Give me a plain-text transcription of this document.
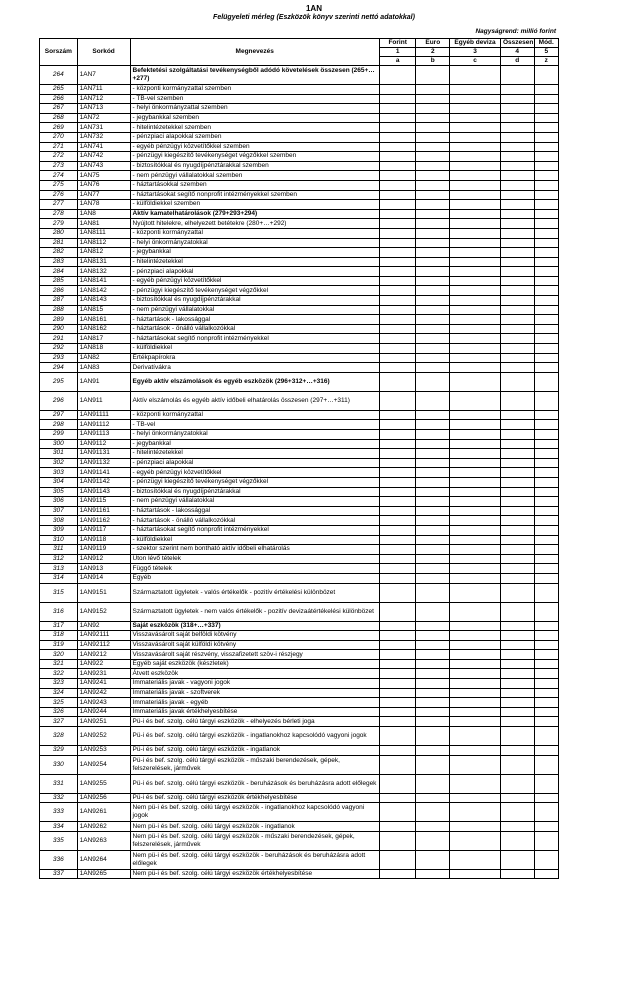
1AN
Felügyeleti mérleg (Eszközök könyv szerinti nettó adatokkal)
Nagyságrend: millió forint
Sorszám	Sorkód	Megnevezés	Forint	Euro	Egyéb deviza	Összesen	Mód.
			1	2	3	4	5
			a	b	c	d	z
264	1AN7	Befektetési szolgáltatási tevékenységből adódó követelések összesen (265+…+277)					
265	1AN711	- központi kormányzattal szemben					
266	1AN712	- TB-vel szemben					
267	1AN713	- helyi önkormányzattal szemben					
268	1AN72	- jegybankkal szemben					
269	1AN731	- hitelintézetekkel szemben					
270	1AN732	- pénzpiaci alapokkal szemben					
271	1AN741	- egyéb pénzügyi közvetítőkkel szemben					
272	1AN742	- pénzügyi kiegészítő tevékenységet végzőkkel szemben					
273	1AN743	- biztosítókkal és nyugdíjpénztárakkal szemben					
274	1AN75	- nem pénzügyi vállalatokkal szemben					
275	1AN76	- háztartásokkal szemben					
276	1AN77	- háztartásokat segítő nonprofit intézményekkel szemben					
277	1AN78	- külföldiekkel szemben					
278	1AN8	Aktív kamatelhatárolások (279+293+294)					
279	1AN81	Nyújtott hitelekre, elhelyezett betétekre (280+…+292)					
280	1AN8111	- központi kormányzattal					
281	1AN8112	- helyi önkormányzatokkal					
282	1AN812	- jegybankkal					
283	1AN8131	- hitelintézetekkel					
284	1AN8132	- pénzpiaci alapokkal					
285	1AN8141	- egyéb pénzügyi közvetítőkkel					
286	1AN8142	- pénzügyi kiegészítő tevékenységet végzőkkel					
287	1AN8143	- biztosítókkal és nyugdíjpénztárakkal					
288	1AN815	- nem pénzügyi vállalatokkal					
289	1AN8161	- háztartások - lakossággal					
290	1AN8162	- háztartások - önálló vállalkozókkal					
291	1AN817	- háztartásokat segítő nonprofit intézményekkel					
292	1AN818	- külföldiekkel					
293	1AN82	Értékpapírokra					
294	1AN83	Derivatívákra					
295	1AN91	Egyéb aktív elszámolások és egyéb eszközök (296+312+…+316)					
296	1AN911	Aktív elszámolás és egyéb aktív időbeli elhatárolás összesen (297+…+311)					
297	1AN91111	- központi kormányzattal					
298	1AN91112	- TB-vel					
299	1AN91113	- helyi önkormányzatokkal					
300	1AN9112	- jegybankkal					
301	1AN91131	- hitelintézetekkel					
302	1AN91132	- pénzpiaci alapokkal					
303	1AN91141	- egyéb pénzügyi közvetítőkkel					
304	1AN91142	- pénzügyi kiegészítő tevékenységet végzőkkel					
305	1AN91143	- biztosítókkal és nyugdíjpénztárakkal					
306	1AN9115	- nem pénzügyi vállalatokkal					
307	1AN91161	- háztartások - lakossággal					
308	1AN91162	- háztartások - önálló vállalkozókkal					
309	1AN9117	- háztartásokat segítő nonprofit intézményekkel					
310	1AN9118	- külföldiekkel					
311	1AN9119	- szektor szerint nem bontható aktív időbeli elhatárolás					
312	1AN912	Úton lévő tételek					
313	1AN913	Függő tételek					
314	1AN914	Egyéb					
315	1AN9151	Származtatott ügyletek - valós értékelők - pozitív értékelési különbözet					
316	1AN9152	Származtatott ügyletek - nem valós értékelők - pozitív devizaátértékelési különbözet					
317	1AN92	Saját eszközök (318+…+337)					
318	1AN92111	Visszavásárolt saját belföldi kötvény					
319	1AN92112	Visszavásárolt saját külföldi kötvény					
320	1AN9212	Visszavásárolt saját részvény, visszafizetett szöv-i részjegy					
321	1AN922	Egyéb saját eszközök (készletek)					
322	1AN9231	Átvett eszközök					
323	1AN9241	Immateriális javak - vagyoni jogok					
324	1AN9242	Immateriális javak - szoftverek					
325	1AN9243	Immateriális javak - egyéb					
326	1AN9244	Immateriális javak értékhelyesbítése					
327	1AN9251	Pü-i és bef. szolg. célú tárgyi eszközök - elhelyezés bérleti joga					
328	1AN9252	Pü-i és bef. szolg. célú tárgyi eszközök - ingatlanokhoz kapcsolódó vagyoni jogok					
329	1AN9253	Pü-i és bef. szolg. célú tárgyi eszközök - ingatlanok					
330	1AN9254	Pü-i és bef. szolg. célú tárgyi eszközök - műszaki berendezések, gépek, felszerelések, járművek					
331	1AN9255	Pü-i és bef. szolg. célú tárgyi eszközök - beruházások és beruházásra adott előlegek					
332	1AN9256	Pü-i és bef. szolg. célú tárgyi eszközök értékhelyesbítése					
333	1AN9261	Nem pü-i és bef. szolg. célú tárgyi eszközök - ingatlanokhoz kapcsolódó vagyoni jogok					
334	1AN9262	Nem pü-i és bef. szolg. célú tárgyi eszközök - ingatlanok					
335	1AN9263	Nem pü-i és bef. szolg. célú tárgyi eszközök - műszaki berendezések, gépek, felszerelések, járművek					
336	1AN9264	Nem pü-i és bef. szolg. célú tárgyi eszközök - beruházások és beruházásra adott előlegek					
337	1AN9265	Nem pü-i és bef. szolg. célú tárgyi eszközök értékhelyesbítése					
